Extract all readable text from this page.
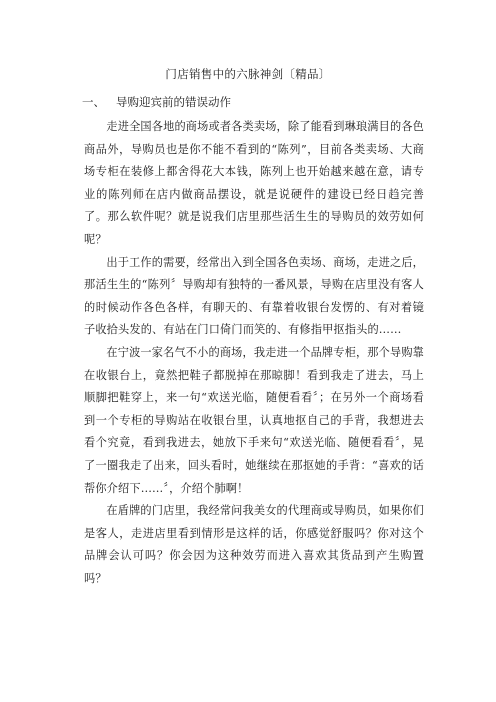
门店销售中的六脉神剑〔精品〕
一、 导购迎宾前的错误动作

走进全国各地的商场或者各类卖场，除了能看到琳琅满目的各色商品外，导购员也是你不能不看到的“陈列”，目前各类卖场、大商场专柜在装修上都舍得花大本钱，陈列上也开始越来越在意，请专业的陈列师在店内做商品摆设，就是说硬件的建设已经日趋完善了。那么软件呢？就是说我们店里那些活生生的导购员的效劳如何呢？

出于工作的需要，经常出入到全国各色卖场、商场，走进之后，那活生生的“陈列〞导购却有独特的一番风景，导购在店里没有客人的时候动作各色各样，有聊天的、有靠着收银台发愣的、有对着镜子收拾头发的、有站在门口倚门而笑的、有修指甲抠指头的……

在宁波一家名气不小的商场，我走进一个品牌专柜，那个导购靠在收银台上，竟然把鞋子都脱掉在那晾脚！看到我走了进去，马上顺脚把鞋穿上，来一句“欢送光临，随便看看〞；在另外一个商场看到一个专柜的导购站在收银台里，认真地抠自己的手背，我想进去看个究竟，看到我进去，她放下手来句“欢送光临、随便看看〞，晃了一圈我走了出来，回头看时，她继续在那抠她的手背：“喜欢的话帮你介绍下……〞，介绍个肺啊！

在盾牌的门店里，我经常问我美女的代理商或导购员，如果你们是客人，走进店里看到情形是这样的话，你感觉舒服吗？你对这个品牌会认可吗？你会因为这种效劳而进入喜欢其货品到产生购置吗？
